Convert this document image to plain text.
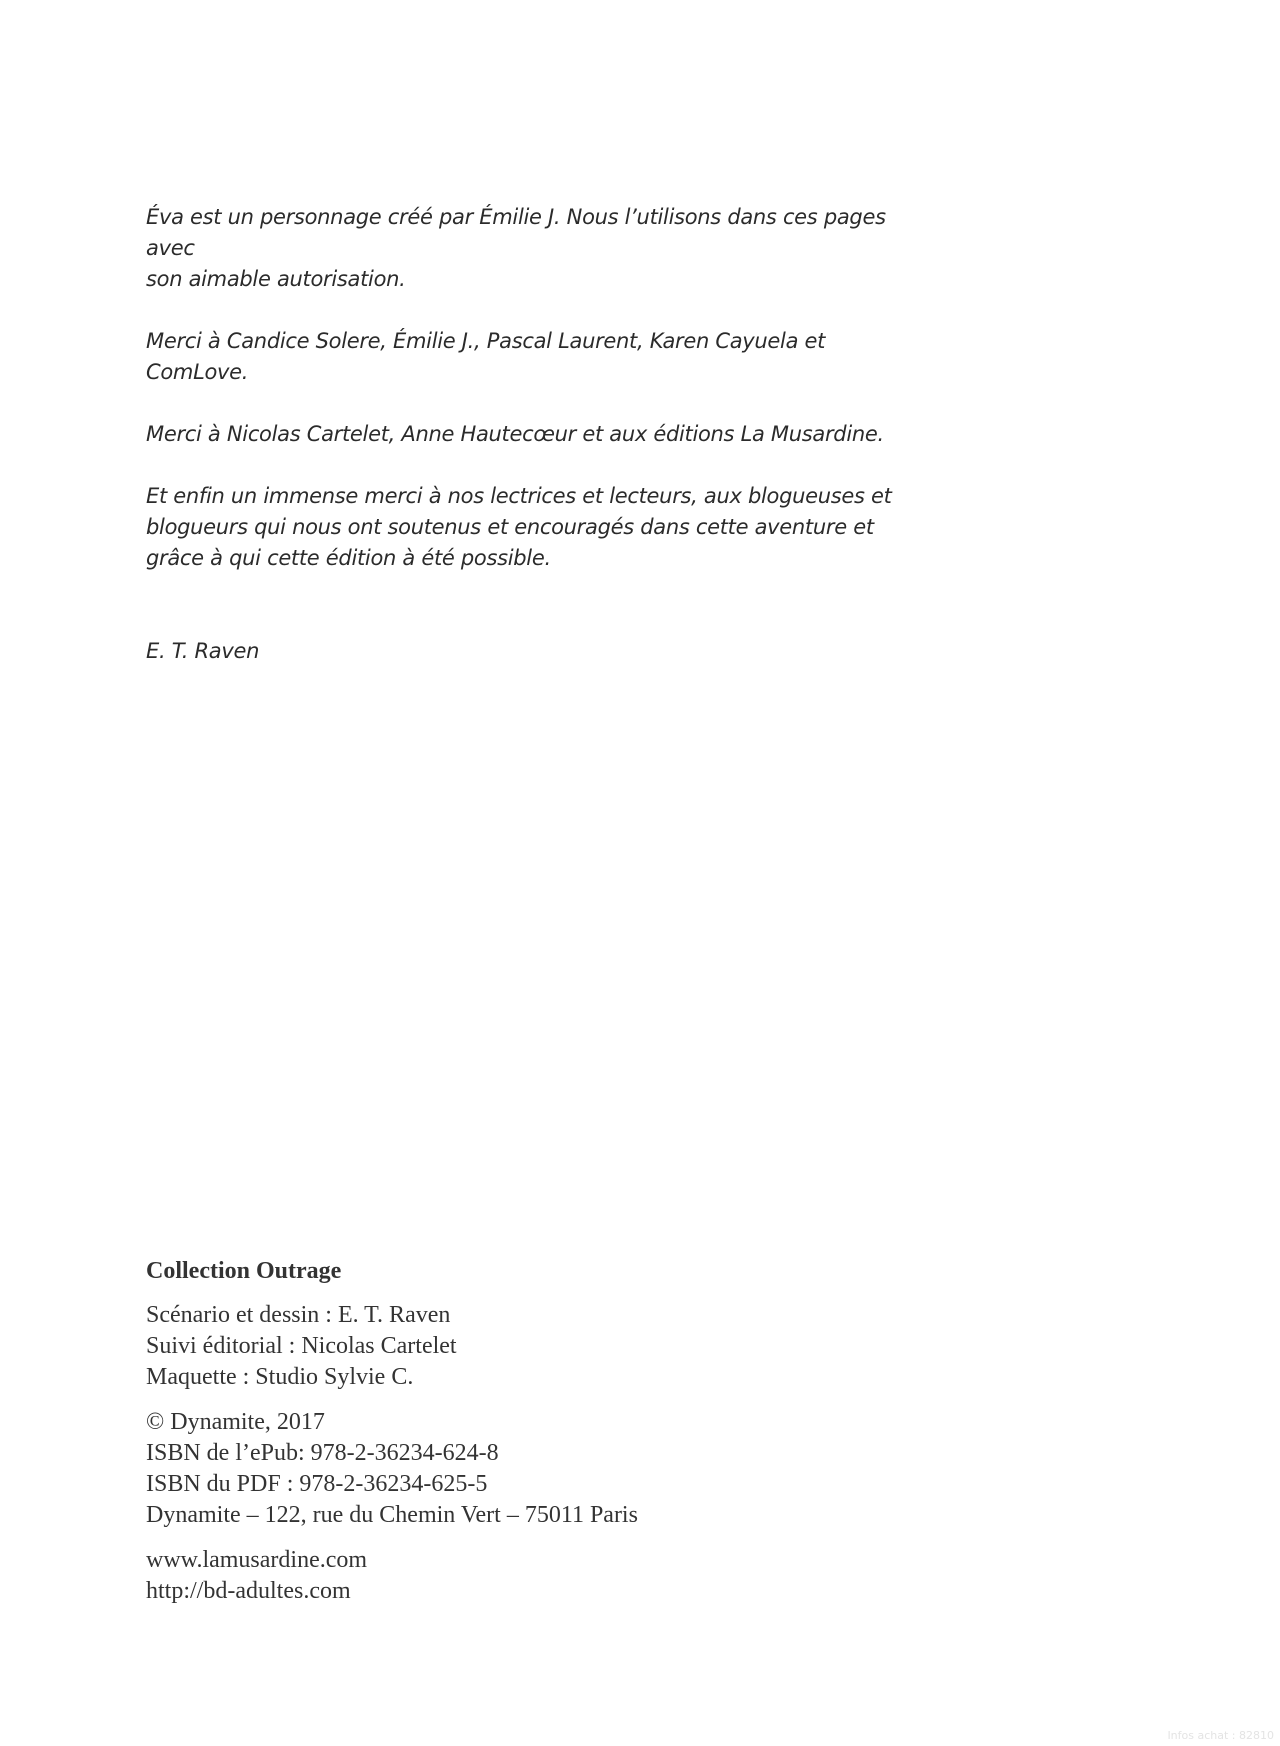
Éva est un personnage créé par Émilie J. Nous l’utilisons dans ces pages avec
son aimable autorisation.

Merci à Candice Solere, Émilie J., Pascal Laurent, Karen Cayuela et ComLove.

Merci à Nicolas Cartelet, Anne Hautecœur et aux éditions La Musardine.

Et enfin un immense merci à nos lectrices et lecteurs, aux blogueuses et
blogueurs qui nous ont soutenus et encouragés dans cette aventure et
grâce à qui cette édition à été possible.

E. T. Raven

Collection Outrage
Scénario et dessin : E. T. Raven
Suivi éditorial : Nicolas Cartelet
Maquette : Studio Sylvie C.
© Dynamite, 2017
ISBN de l’ePub: 978-2-36234-624-8
ISBN du PDF : 978-2-36234-625-5
Dynamite – 122, rue du Chemin Vert – 75011 Paris
www.lamusardine.com
http://bd-adultes.com
Infos achat : 82810
